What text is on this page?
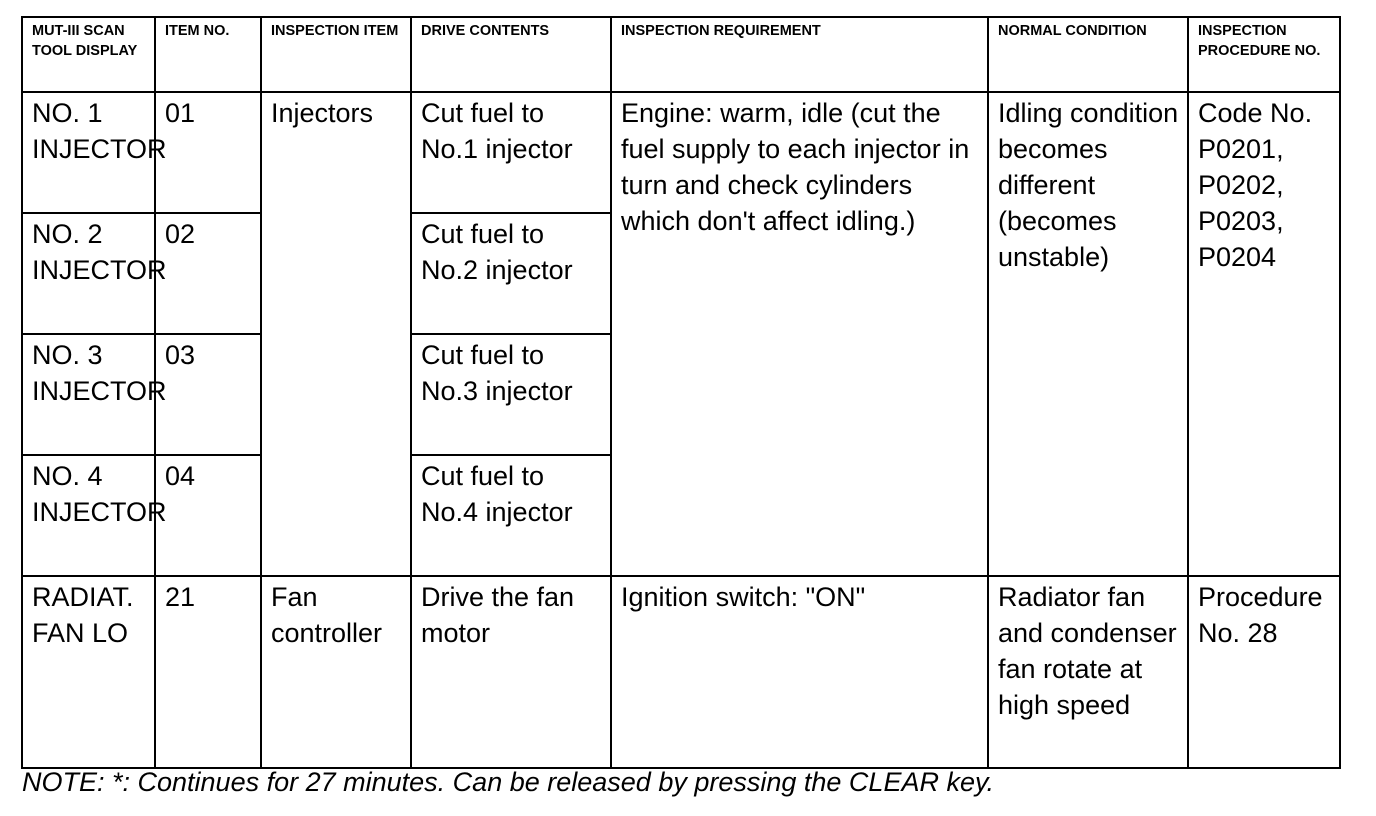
MUT-III SCAN TOOL DISPLAY	ITEM NO.	INSPECTION ITEM	DRIVE CONTENTS	INSPECTION REQUIREMENT	NORMAL CONDITION	INSPECTION PROCEDURE NO.
NO. 1 INJECTOR	01	Injectors	Cut fuel to No.1 injector	Engine: warm, idle (cut the fuel supply to each injector in turn and check cylinders which don't affect idling.)	Idling condition becomes different (becomes unstable)	Code No. P0201, P0202, P0203, P0204
NO. 2 INJECTOR	02		Cut fuel to No.2 injector			
NO. 3 INJECTOR	03		Cut fuel to No.3 injector			
NO. 4 INJECTOR	04		Cut fuel to No.4 injector			
RADIAT. FAN LO	21	Fan controller	Drive the fan motor	Ignition switch: "ON"	Radiator fan and condenser fan rotate at high speed	Procedure No. 28
NOTE: *: Continues for 27 minutes. Can be released by pressing the CLEAR key.
